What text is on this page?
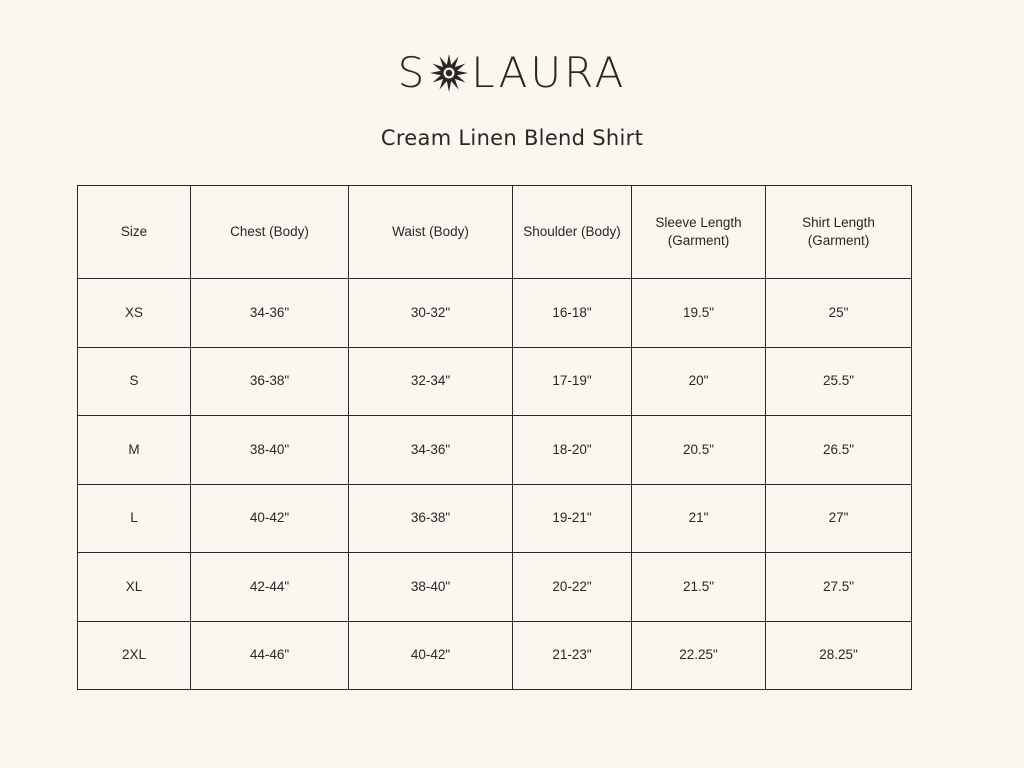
S LAURA
Cream Linen Blend Shirt
Size	Chest (Body)	Waist (Body)	Shoulder (Body)	Sleeve Length (Garment)	Shirt Length (Garment)
XS	34-36"	30-32"	16-18"	19.5"	25"
S	36-38"	32-34"	17-19"	20"	25.5"
M	38-40"	34-36"	18-20"	20.5"	26.5"
L	40-42"	36-38"	19-21"	21"	27"
XL	42-44"	38-40"	20-22"	21.5"	27.5"
2XL	44-46"	40-42"	21-23"	22.25"	28.25"
